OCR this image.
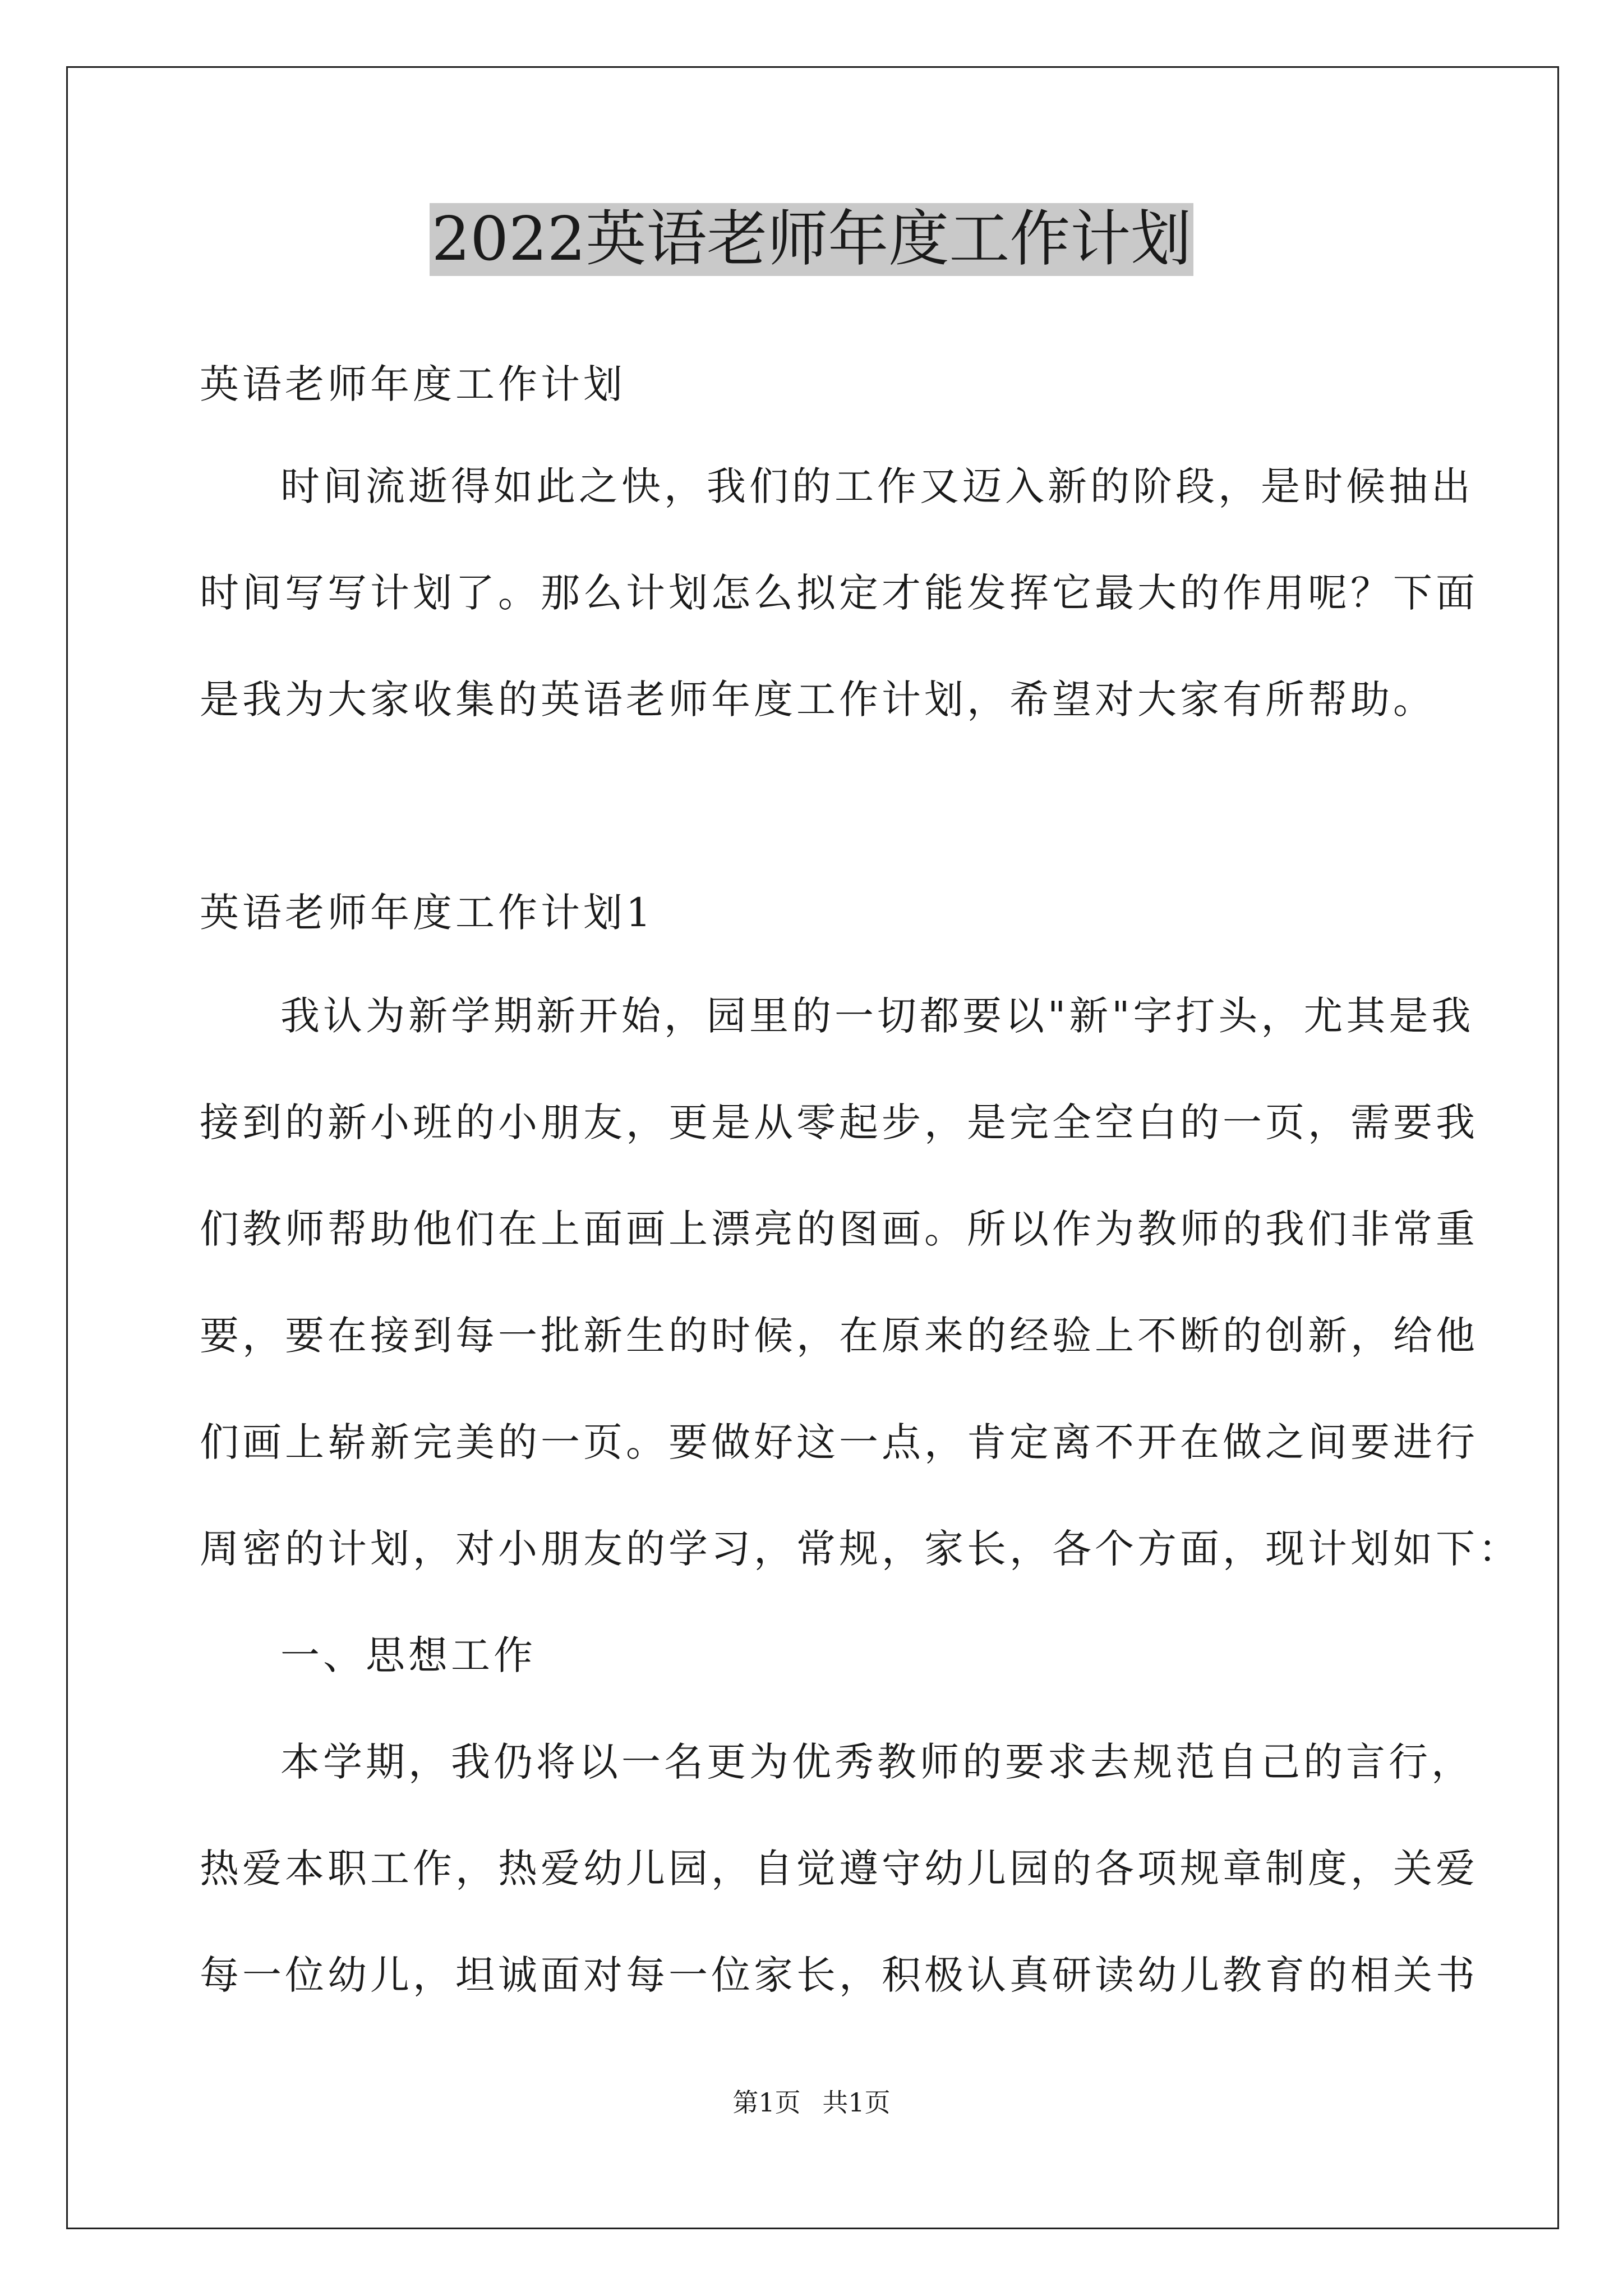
2022英语老师年度工作计划
英语老师年度工作计划
时间流逝得如此之快，我们的工作又迈入新的阶段，是时候抽出
时间写写计划了。那么计划怎么拟定才能发挥它最大的作用呢？下面
是我为大家收集的英语老师年度工作计划，希望对大家有所帮助。
英语老师年度工作计划1
我认为新学期新开始，园里的一切都要以"新"字打头，尤其是我
接到的新小班的小朋友，更是从零起步，是完全空白的一页，需要我
们教师帮助他们在上面画上漂亮的图画。所以作为教师的我们非常重
要，要在接到每一批新生的时候，在原来的经验上不断的创新，给他
们画上崭新完美的一页。要做好这一点，肯定离不开在做之间要进行
周密的计划，对小朋友的学习，常规，家长，各个方面，现计划如下：
一、思想工作
本学期，我仍将以一名更为优秀教师的要求去规范自己的言行，
热爱本职工作，热爱幼儿园，自觉遵守幼儿园的各项规章制度，关爱
每一位幼儿，坦诚面对每一位家长，积极认真研读幼儿教育的相关书
第1页 共1页
